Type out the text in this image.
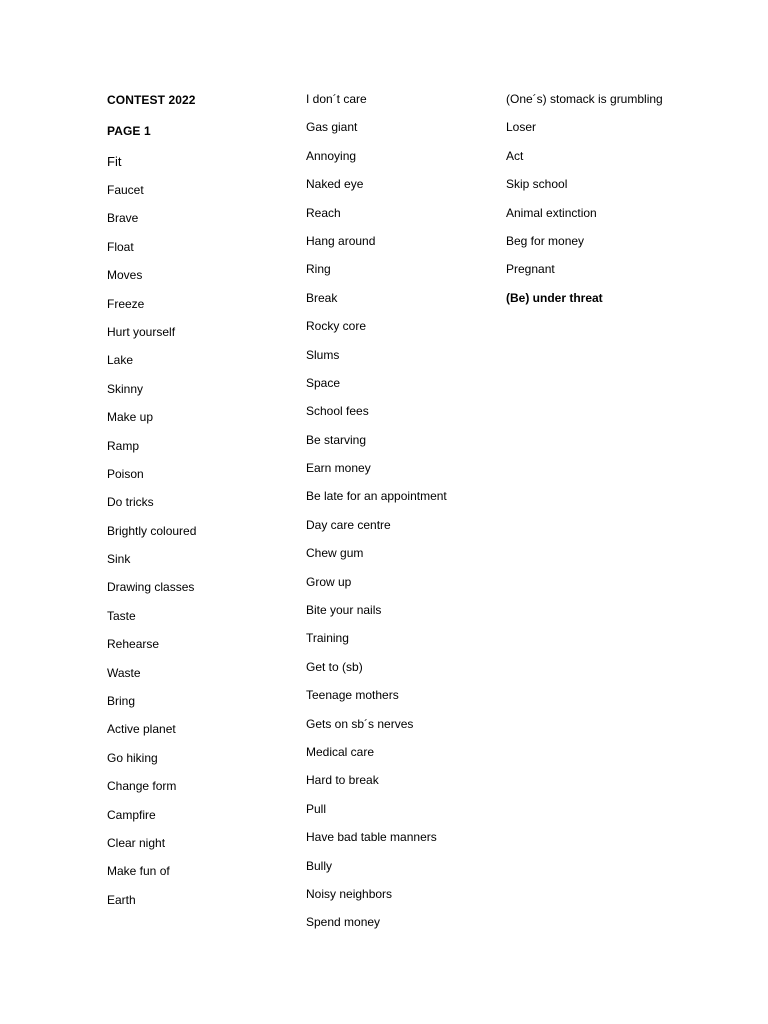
CONTEST 2022
PAGE 1
Fit
Faucet
Brave
Float
Moves
Freeze
Hurt yourself
Lake
Skinny
Make up
Ramp
Poison
Do tricks
Brightly coloured
Sink
Drawing classes
Taste
Rehearse
Waste
Bring
Active planet
Go hiking
Change form
Campfire
Clear night
Make fun of
Earth
I don´t care
Gas giant
Annoying
Naked eye
Reach
Hang around
Ring
Break
Rocky core
Slums
Space
School fees
Be starving
Earn money
Be late for an appointment
Day care centre
Chew gum
Grow up
Bite your nails
Training
Get to (sb)
Teenage mothers
Gets on sb´s nerves
Medical care
Hard to break
Pull
Have bad table manners
Bully
Noisy neighbors
Spend money
(One´s) stomack is grumbling
Loser
Act
Skip school
Animal extinction
Beg for money
Pregnant
(Be) under threat
